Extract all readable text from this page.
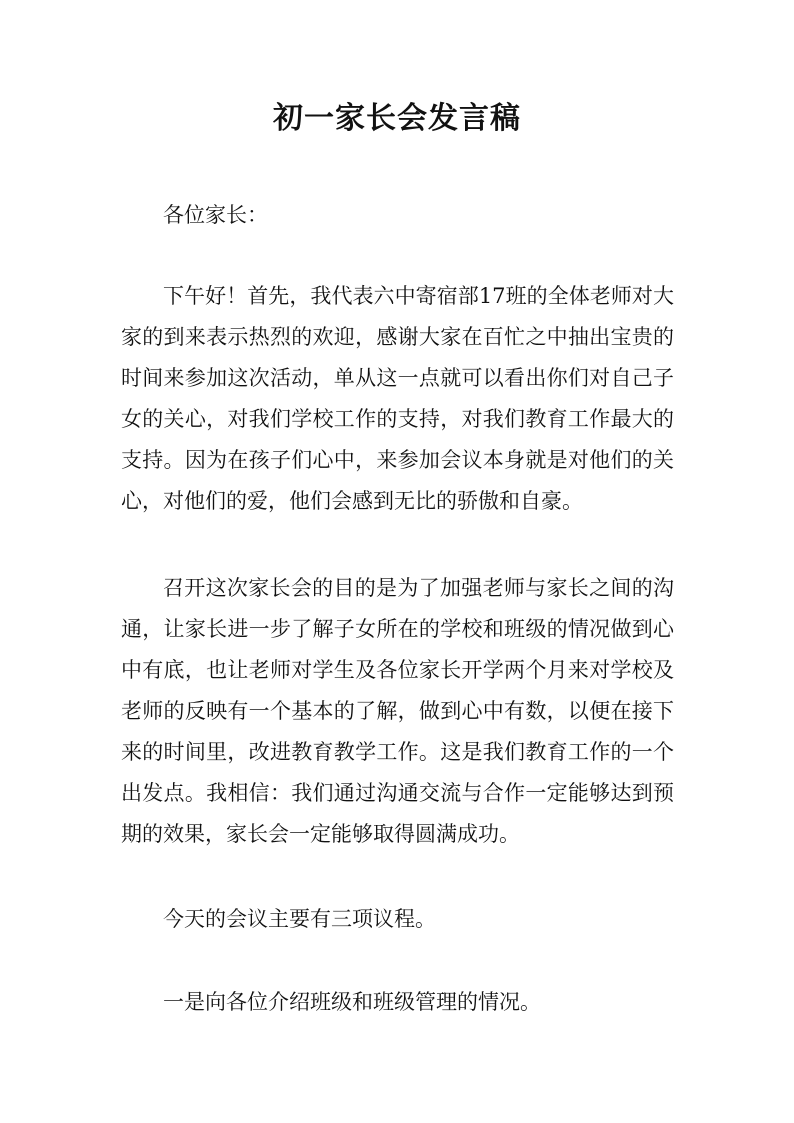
初一家长会发言稿

各位家长：

下午好！首先，我代表六中寄宿部17班的全体老师对大家的到来表示热烈的欢迎，感谢大家在百忙之中抽出宝贵的时间来参加这次活动，单从这一点就可以看出你们对自己子女的关心，对我们学校工作的支持，对我们教育工作最大的支持。因为在孩子们心中，来参加会议本身就是对他们的关心，对他们的爱，他们会感到无比的骄傲和自豪。

召开这次家长会的目的是为了加强老师与家长之间的沟通，让家长进一步了解子女所在的学校和班级的情况做到心中有底，也让老师对学生及各位家长开学两个月来对学校及老师的反映有一个基本的了解，做到心中有数，以便在接下来的时间里，改进教育教学工作。这是我们教育工作的一个出发点。我相信：我们通过沟通交流与合作一定能够达到预期的效果，家长会一定能够取得圆满成功。

今天的会议主要有三项议程。

一是向各位介绍班级和班级管理的情况。
